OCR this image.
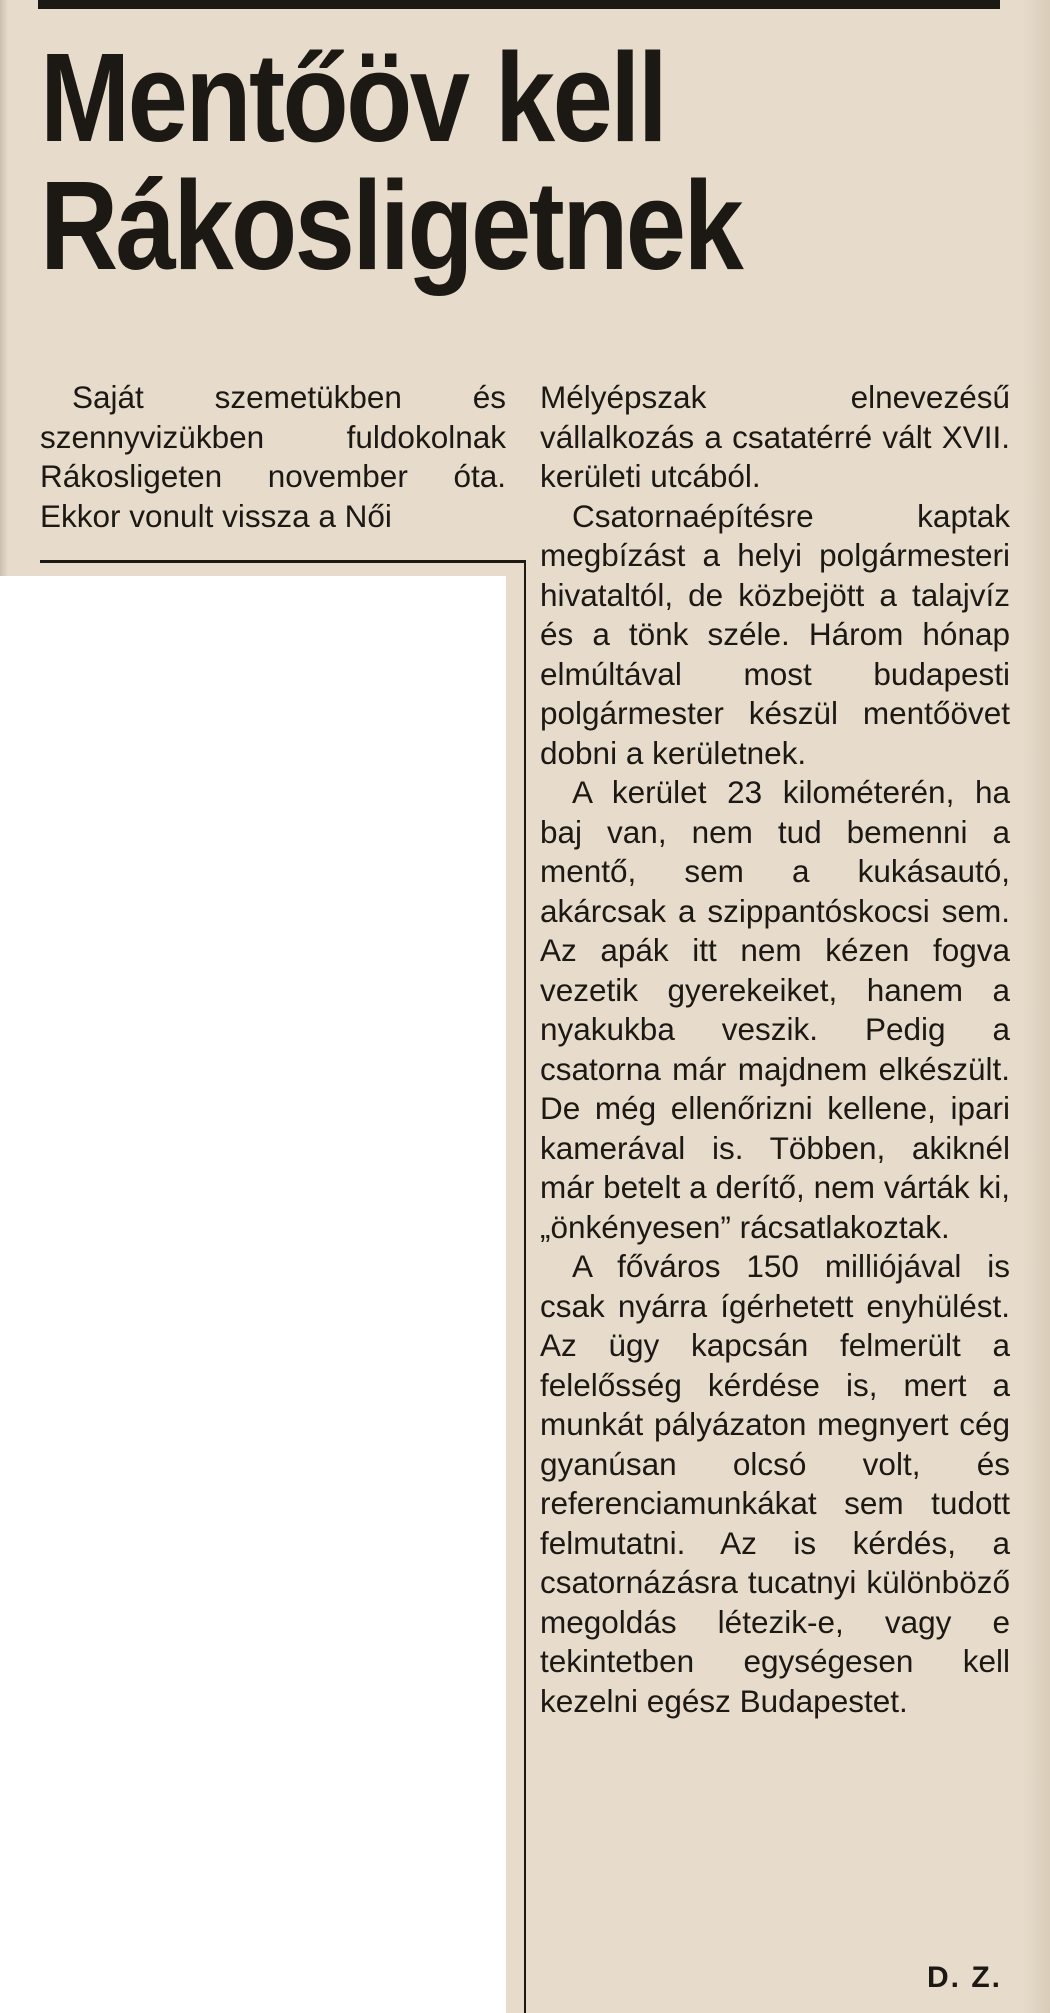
Mentőöv kell
Rákosligetnek

Saját szemetükben és szennyvizükben fuldokolnak Rákosligeten november óta. Ekkor vonult vissza a Női

Mélyépszak elnevezésű vállalkozás a csatatérré vált XVII. kerületi utcából.

Csatornaépítésre kaptak megbízást a helyi polgármesteri hivataltól, de közbejött a talajvíz és a tönk széle. Három hónap elmúltával most budapesti polgármester készül mentőövet dobni a kerületnek.

A kerület 23 kilométerén, ha baj van, nem tud bemenni a mentő, sem a kukásautó, akárcsak a szippantóskocsi sem. Az apák itt nem kézen fogva vezetik gyerekeiket, hanem a nyakukba veszik. Pedig a csatorna már majdnem elkészült. De még ellenőrizni kellene, ipari kamerával is. Többen, akiknél már betelt a derítő, nem várták ki, „önkényesen” rácsatlakoztak.

A főváros 150 milliójával is csak nyárra ígérhetett enyhülést. Az ügy kapcsán felmerült a felelősség kérdése is, mert a munkát pályázaton megnyert cég gyanúsan olcsó volt, és referenciamunkákat sem tudott felmutatni. Az is kérdés, a csatornázásra tucatnyi különböző megoldás létezik-e, vagy e tekintetben egységesen kell kezelni egész Budapestet.

D. Z.
